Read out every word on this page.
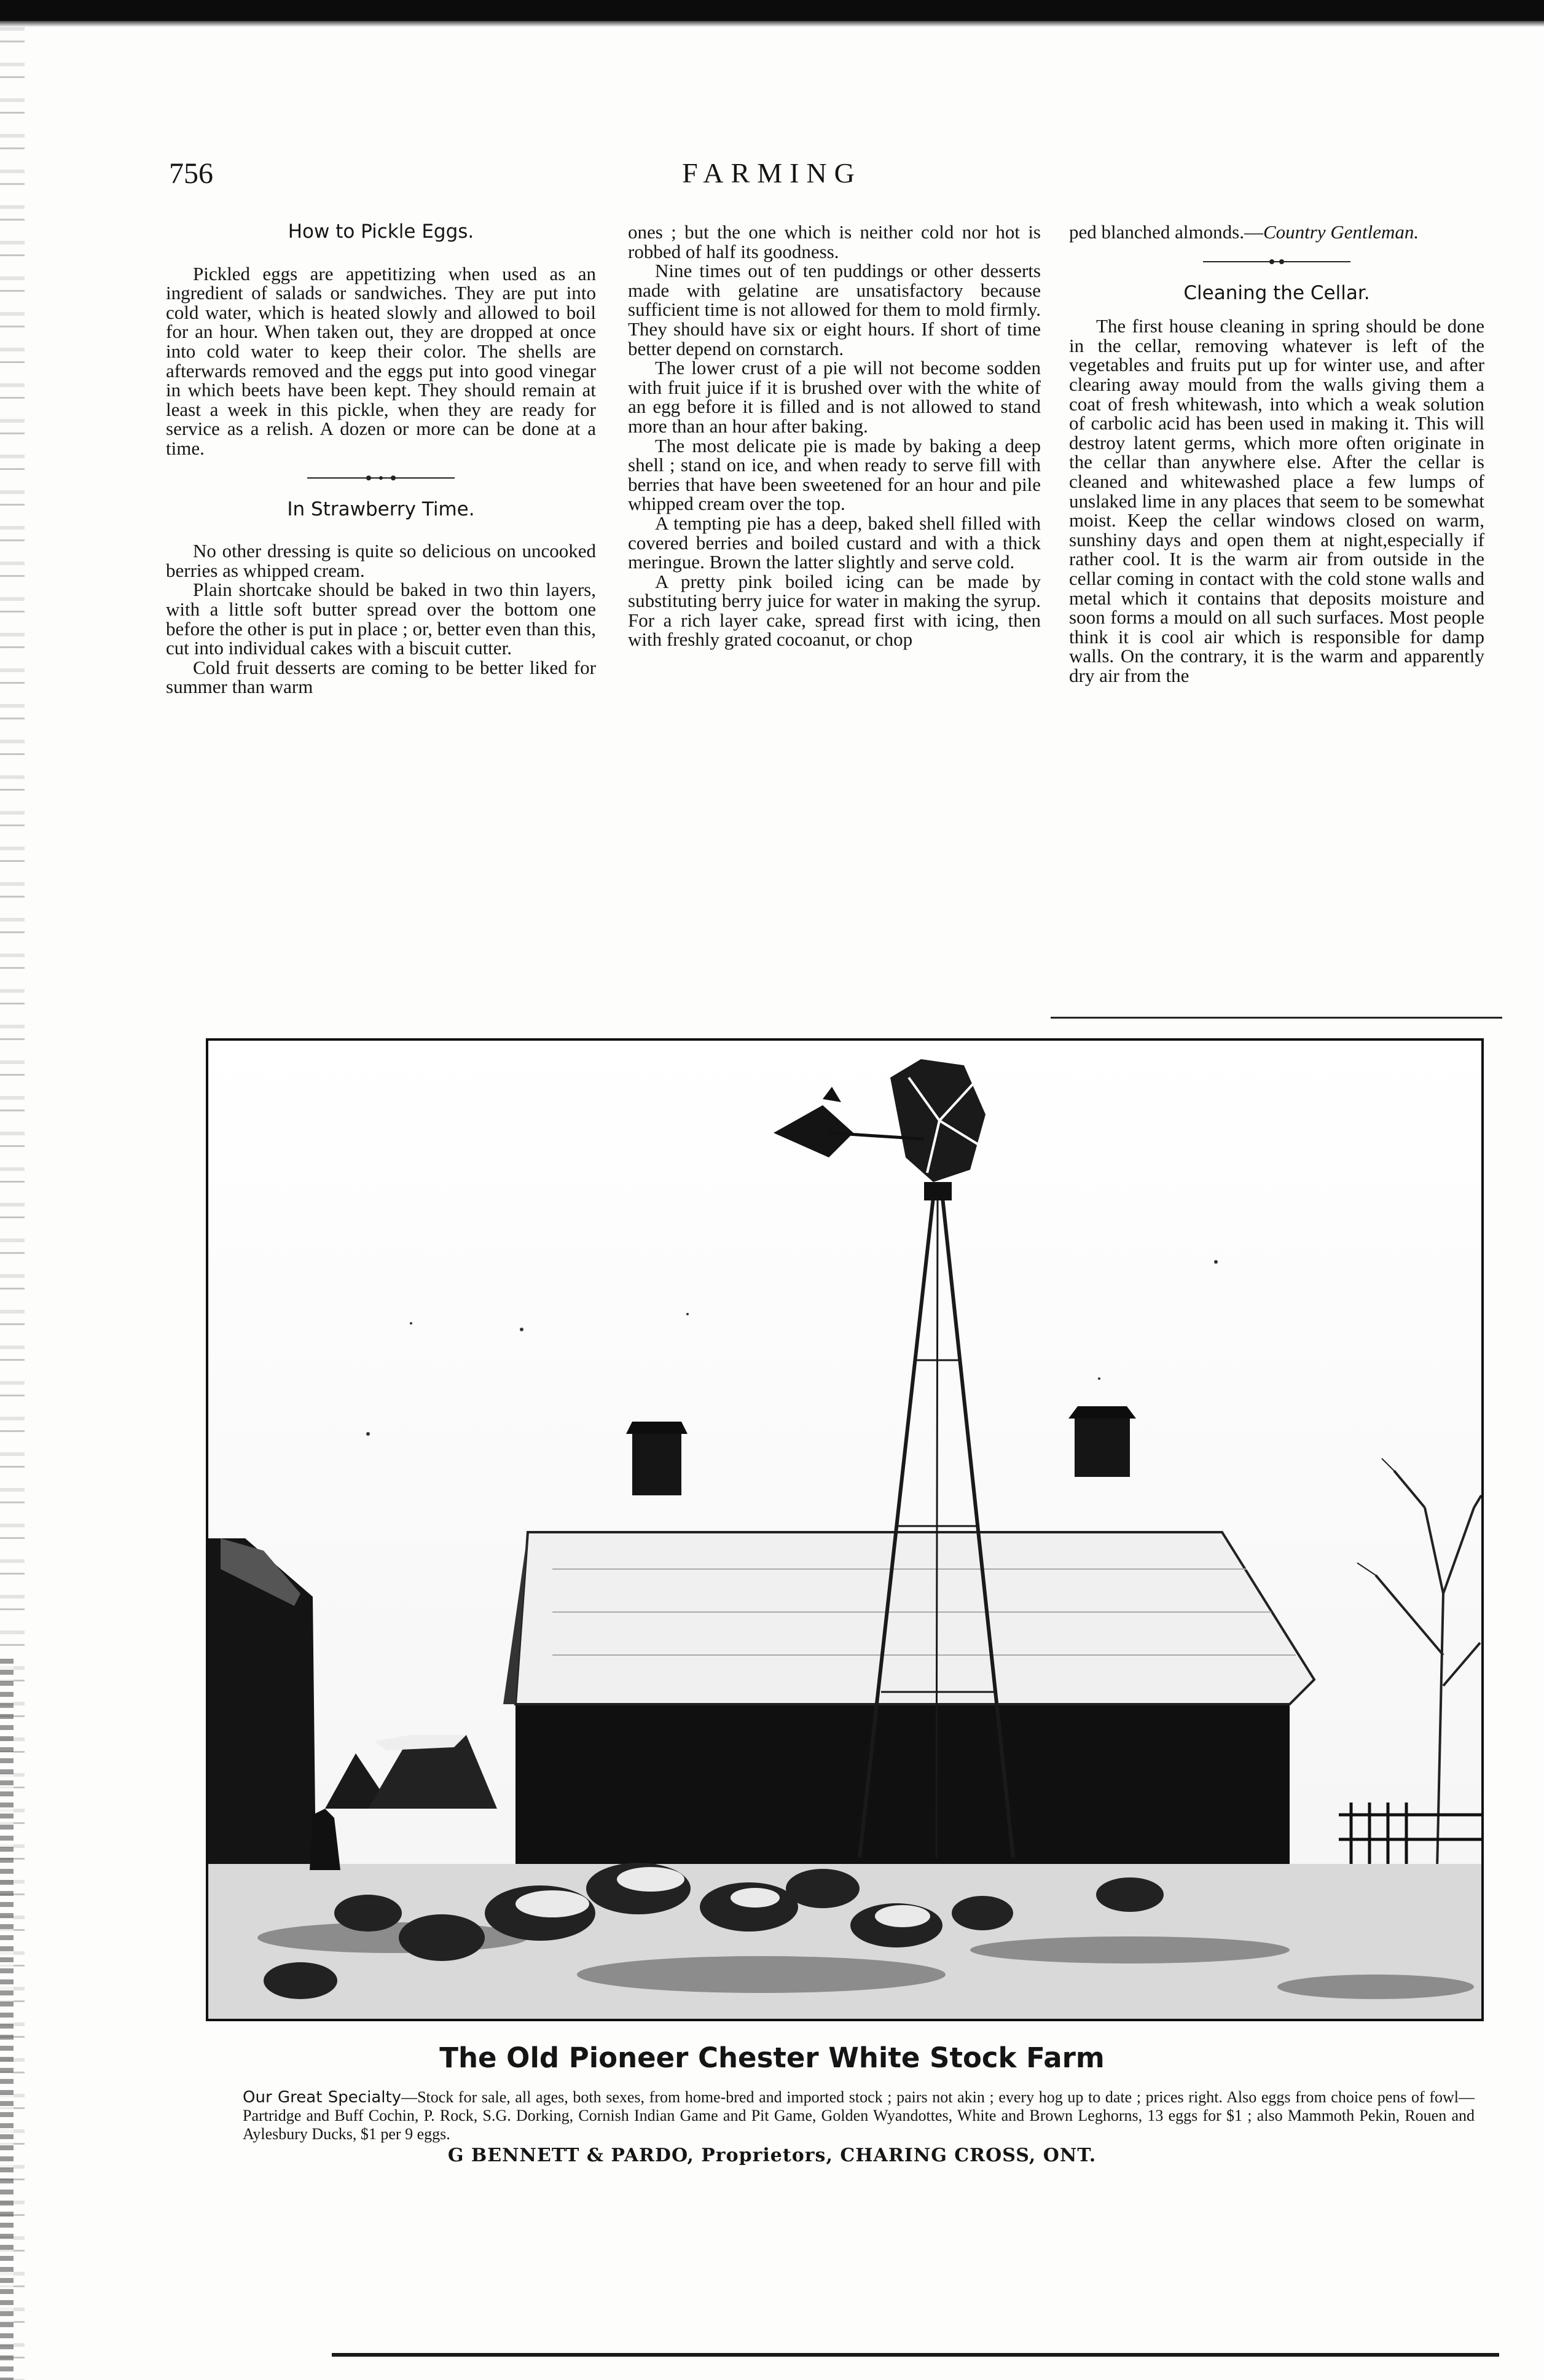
756	FARMING
How to Pickle Eggs.

Pickled eggs are appetitizing when used as an ingredient of salads or sandwiches. They are put into cold water, which is heated slowly and allowed to boil for an hour. When taken out, they are dropped at once into cold water to keep their color. The shells are afterwards removed and the eggs put into good vinegar in which beets have been kept. They should remain at least a week in this pickle, when they are ready for service as a relish. A dozen or more can be done at a time.

In Strawberry Time.

No other dressing is quite so delicious on uncooked berries as whipped cream.

Plain shortcake should be baked in two thin layers, with a little soft butter spread over the bottom one before the other is put in place ; or, better even than this, cut into individual cakes with a biscuit cutter.

Cold fruit desserts are coming to be better liked for summer than warm

ones ; but the one which is neither cold nor hot is robbed of half its goodness.

Nine times out of ten puddings or other desserts made with gelatine are unsatisfactory because sufficient time is not allowed for them to mold firmly. They should have six or eight hours. If short of time better depend on cornstarch.

The lower crust of a pie will not become sodden with fruit juice if it is brushed over with the white of an egg before it is filled and is not allowed to stand more than an hour after baking.

The most delicate pie is made by baking a deep shell ; stand on ice, and when ready to serve fill with berries that have been sweetened for an hour and pile whipped cream over the top.

A tempting pie has a deep, baked shell filled with covered berries and boiled custard and with a thick meringue. Brown the latter slightly and serve cold.

A pretty pink boiled icing can be made by substituting berry juice for water in making the syrup. For a rich layer cake, spread first with icing, then with freshly grated cocoanut, or chop

ped blanched almonds.—Country Gentleman.

Cleaning the Cellar.

The first house cleaning in spring should be done in the cellar, removing whatever is left of the vegetables and fruits put up for winter use, and after clearing away mould from the walls giving them a coat of fresh whitewash, into which a weak solution of carbolic acid has been used in making it. This will destroy latent germs, which more often originate in the cellar than anywhere else. After the cellar is cleaned and whitewashed place a few lumps of unslaked lime in any places that seem to be somewhat moist. Keep the cellar windows closed on warm, sunshiny days and open them at night,especially if rather cool. It is the warm air from outside in the cellar coming in contact with the cold stone walls and metal which it contains that deposits moisture and soon forms a mould on all such surfaces. Most people think it is cool air which is responsible for damp walls. On the contrary, it is the warm and apparently dry air from the

The Old Pioneer Chester White Stock Farm
Our Great Specialty—Stock for sale, all ages, both sexes, from home-bred and imported stock ; pairs not akin ; every hog up to date ; prices right. Also eggs from choice pens of fowl—Partridge and Buff Cochin, P. Rock, S.G. Dorking, Cornish Indian Game and Pit Game, Golden Wyandottes, White and Brown Leghorns, 13 eggs for $1 ; also Mammoth Pekin, Rouen and Aylesbury Ducks, $1 per 9 eggs.
G BENNETT & PARDO, Proprietors, CHARING CROSS, ONT.
